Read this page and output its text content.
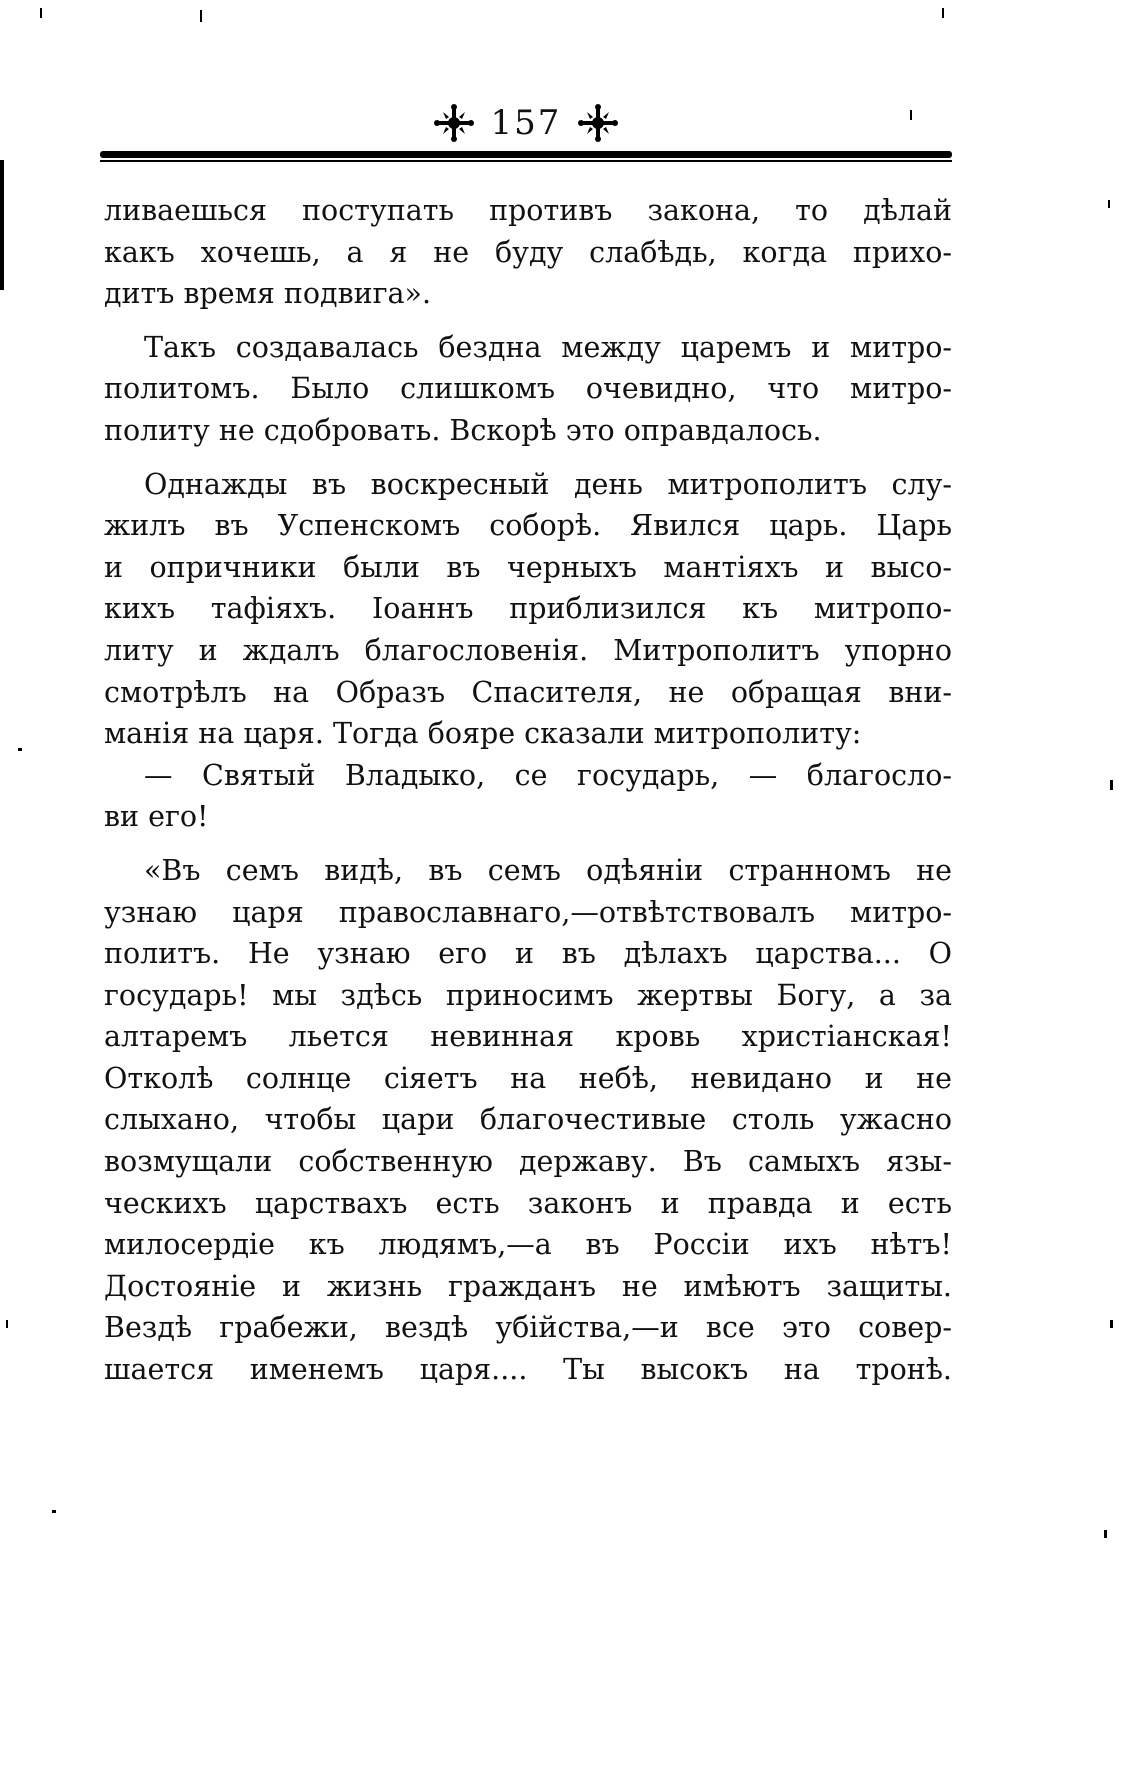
157
ливаешься поступать противъ закона, то дѣлай
какъ хочешь, а я не буду слабѣдь, когда прихо-
дитъ время подвига».
Такъ создавалась бездна между царемъ и митро-
политомъ. Было слишкомъ очевидно, что митро-
политу не сдобровать. Вскорѣ это оправдалось.
Однажды въ воскресный день митрополитъ слу-
жилъ въ Успенскомъ соборѣ. Явился царь. Царь
и опричники были въ черныхъ мантiяхъ и высо-
кихъ тафiяхъ. Iоаннъ приблизился къ митропо-
литу и ждалъ благословенiя. Митрополитъ упорно
смотрѣлъ на Образъ Спасителя, не обращая вни-
манiя на царя. Тогда бояре сказали митрополиту:
— Святый Владыко, се государь, — благосло-
ви его!
«Въ семъ видѣ, въ семъ одѣянiи странномъ не
узнаю царя православнаго,—отвѣтствовалъ митро-
политъ. Не узнаю его и въ дѣлахъ царства... О
государь! мы здѣсь приносимъ жертвы Богу, а за
алтаремъ льется невинная кровь христiанская!
Отколѣ солнце сiяетъ на небѣ, невидано и не
слыхано, чтобы цари благочестивые столь ужасно
возмущали собственную державу. Въ самыхъ язы-
ческихъ царствахъ есть законъ и правда и есть
милосердiе къ людямъ,—а въ Россiи ихъ нѣтъ!
Достоянiе и жизнь гражданъ не имѣютъ защиты.
Вездѣ грабежи, вездѣ убiйства,—и все это совер-
шается именемъ царя.... Ты высокъ на тронѣ.
